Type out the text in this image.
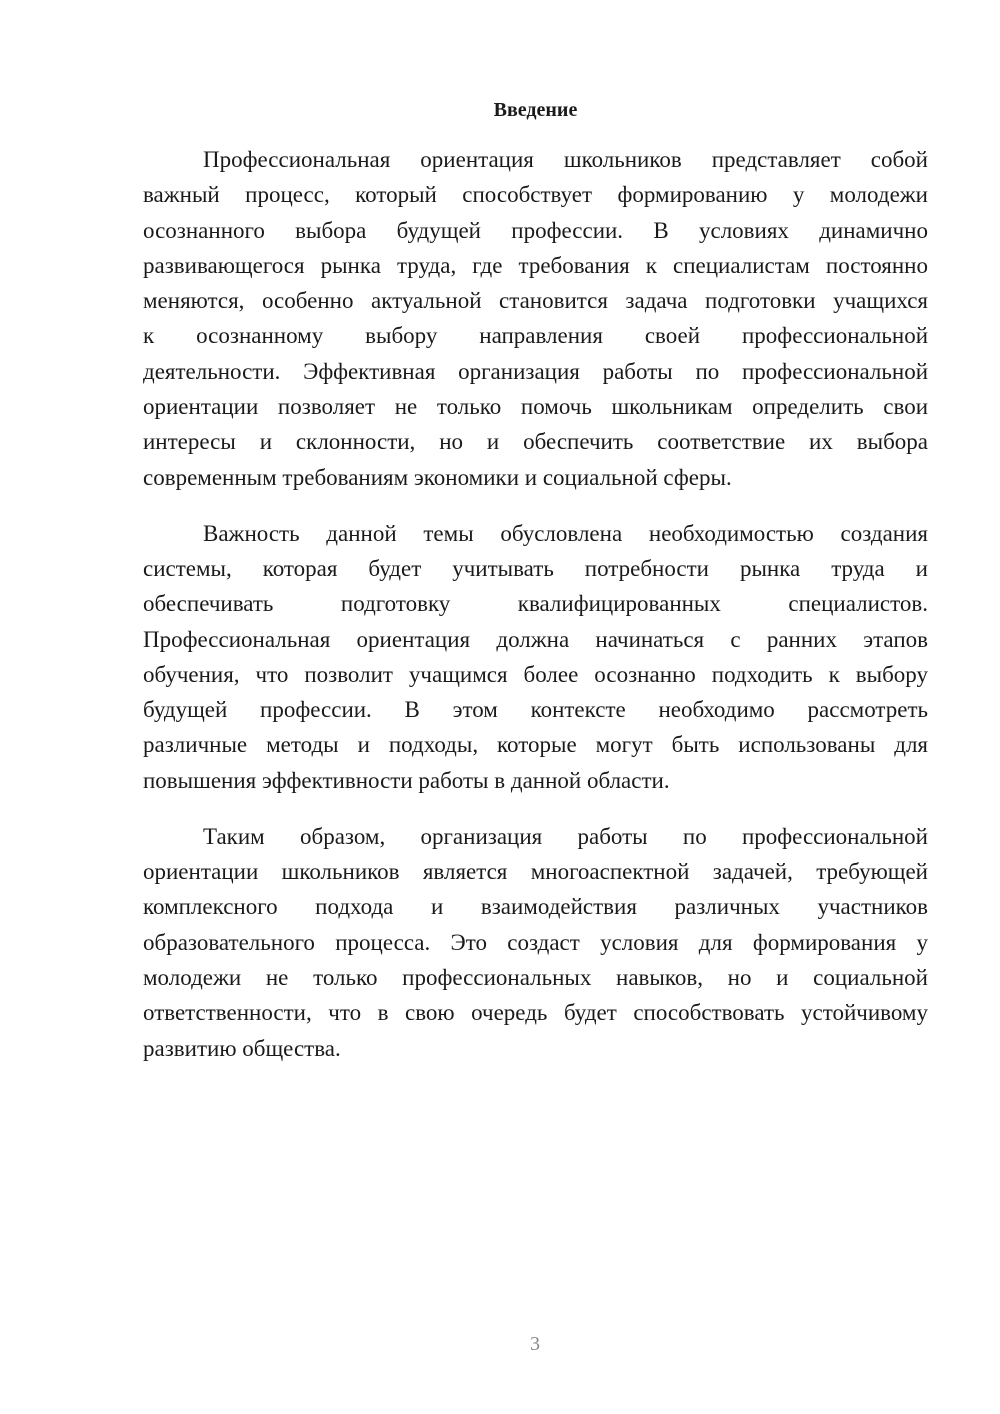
Введение
Профессиональная ориентация школьников представляет собой
важный процесс, который способствует формированию у молодежи
осознанного выбора будущей профессии. В условиях динамично
развивающегося рынка труда, где требования к специалистам постоянно
меняются, особенно актуальной становится задача подготовки учащихся
к осознанному выбору направления своей профессиональной
деятельности. Эффективная организация работы по профессиональной
ориентации позволяет не только помочь школьникам определить свои
интересы и склонности, но и обеспечить соответствие их выбора
современным требованиям экономики и социальной сферы.
Важность данной темы обусловлена необходимостью создания
системы, которая будет учитывать потребности рынка труда и
обеспечивать подготовку квалифицированных специалистов.
Профессиональная ориентация должна начинаться с ранних этапов
обучения, что позволит учащимся более осознанно подходить к выбору
будущей профессии. В этом контексте необходимо рассмотреть
различные методы и подходы, которые могут быть использованы для
повышения эффективности работы в данной области.
Таким образом, организация работы по профессиональной
ориентации школьников является многоаспектной задачей, требующей
комплексного подхода и взаимодействия различных участников
образовательного процесса. Это создаст условия для формирования у
молодежи не только профессиональных навыков, но и социальной
ответственности, что в свою очередь будет способствовать устойчивому
развитию общества.
3
